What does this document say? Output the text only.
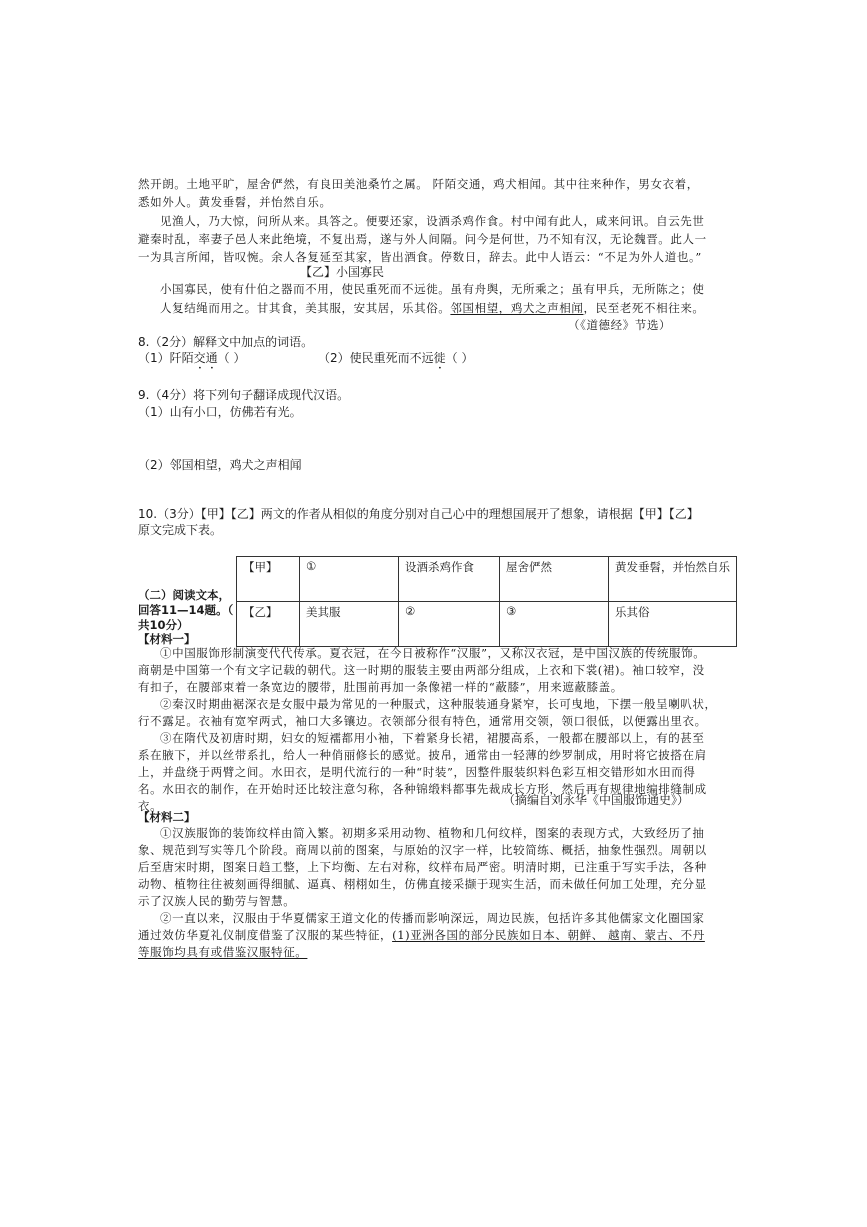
然开朗。土地平旷，屋舍俨然，有良田美池桑竹之属。 阡陌交通，鸡犬相闻。其中往来种作，男女衣着，
悉如外人。黄发垂髫，并怡然自乐。
见渔人，乃大惊，问所从来。具答之。便要还家，设酒杀鸡作食。村中闻有此人，咸来问讯。自云先世
避秦时乱，率妻子邑人来此绝境，不复出焉，遂与外人间隔。问今是何世，乃不知有汉，无论魏晋。此人一
一为具言所闻，皆叹惋。余人各复延至其家，皆出酒食。停数日，辞去。此中人语云：“不足为外人道也。”
【乙】小国寡民
小国寡民，使有什伯之器而不用，使民重死而不远徙。虽有舟舆，无所乘之；虽有甲兵，无所陈之；使
人复结绳而用之。甘其食，美其服，安其居，乐其俗。邻国相望，鸡犬之声相闻，民至老死不相往来。
（《道德经》节选）
8.（2分）解释文中加点的词语。
（1）阡陌交通（ ）	（2）使民重死而不远徙（ ）
9.（4分）将下列句子翻译成现代汉语。
（1）山有小口，仿佛若有光。
（2）邻国相望，鸡犬之声相闻
10.（3分）【甲】【乙】两文的作者从相似的角度分别对自己心中的理想国展开了想象，请根据【甲】【乙】
原文完成下表。
【甲】	①	设酒杀鸡作食	屋舍俨然	黄发垂髫，并怡然自乐
【乙】	美其服	②	③	乐其俗
（二）阅读文本，
回答11—14题。（
共10分）
【材料一】
①中国服饰形制演变代代传承。夏衣冠，在今日被称作“汉服”，又称汉衣冠，是中国汉族的传统服饰。
商朝是中国第一个有文字记载的朝代。这一时期的服装主要由两部分组成，上衣和下裳(裙)。袖口较窄，没
有扣子，在腰部束着一条宽边的腰带，肚围前再加一条像裙一样的“蔽膝”，用来遮蔽膝盖。
②秦汉时期曲裾深衣是女服中最为常见的一种服式，这种服装通身紧窄，长可曳地，下摆一般呈喇叭状，
行不露足。衣袖有宽窄两式，袖口大多镶边。衣领部分很有特色，通常用交领，领口很低，以便露出里衣。
③在隋代及初唐时期，妇女的短襦都用小袖，下着紧身长裙，裙腰高系，一般都在腰部以上，有的甚至
系在腋下，并以丝带系扎，给人一种俏丽修长的感觉。披帛，通常由一轻薄的纱罗制成，用时将它披搭在肩
上，并盘绕于两臂之间。水田衣，是明代流行的一种“时装”，因整件服装织料色彩互相交错形如水田而得
名。水田衣的制作，在开始时还比较注意匀称，各种锦缎料都事先裁成长方形，然后再有规律地编排缝制成
衣。	（摘编自刘永华《中国服饰通史》）
【材料二】
①汉族服饰的装饰纹样由简入繁。初期多采用动物、植物和几何纹样，图案的表现方式，大致经历了抽
象、规范到写实等几个阶段。商周以前的图案，与原始的汉字一样，比较简练、概括，抽象性强烈。周朝以
后至唐宋时期，图案日趋工整，上下均衡、左右对称，纹样布局严密。明清时期，已注重于写实手法，各种
动物、植物往往被刻画得细腻、逼真、栩栩如生，仿佛直接采撷于现实生活，而未做任何加工处理，充分显
示了汉族人民的勤劳与智慧。
②一直以来，汉服由于华夏儒家王道文化的传播而影响深远，周边民族，包括许多其他儒家文化圈国家
通过效仿华夏礼仪制度借鉴了汉服的某些特征，(1)亚洲各国的部分民族如日本、朝鲜、 越南、蒙古、不丹
等服饰均具有或借鉴汉服特征。
